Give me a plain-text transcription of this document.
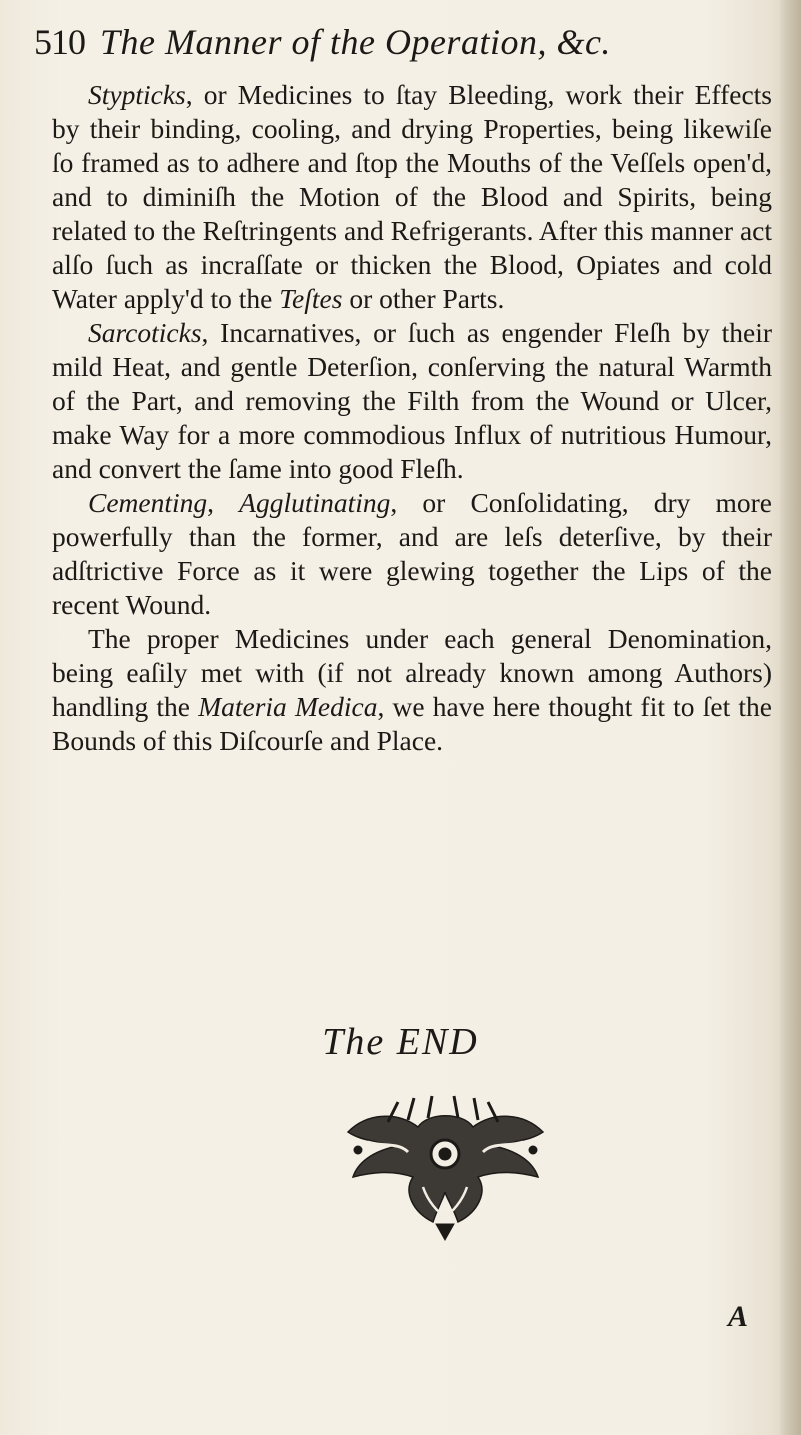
510 The Manner of the Operation, &c.

Stypticks, or Medicines to ſtay Bleeding, work their Effects by their binding, cooling, and drying Properties, being likewiſe ſo framed as to adhere and ſtop the Mouths of the Veſſels open'd, and to diminiſh the Motion of the Blood and Spirits, being related to the Reſtringents and Refrigerants. After this manner act alſo ſuch as incraſſate or thicken the Blood, Opiates and cold Water apply'd to the Teſtes or other Parts.

Sarcoticks, Incarnatives, or ſuch as engender Fleſh by their mild Heat, and gentle Deterſion, conſerving the natural Warmth of the Part, and removing the Filth from the Wound or Ulcer, make Way for a more commodious Influx of nutritious Humour, and convert the ſame into good Fleſh.

Cementing, Agglutinating, or Conſolidating, dry more powerfully than the former, and are leſs deterſive, by their adſtrictive Force as it were glewing together the Lips of the recent Wound.

The proper Medicines under each general Denomination, being eaſily met with (if not already known among Authors) handling the Materia Medica, we have here thought fit to ſet the Bounds of this Diſcourſe and Place.

The END
A
